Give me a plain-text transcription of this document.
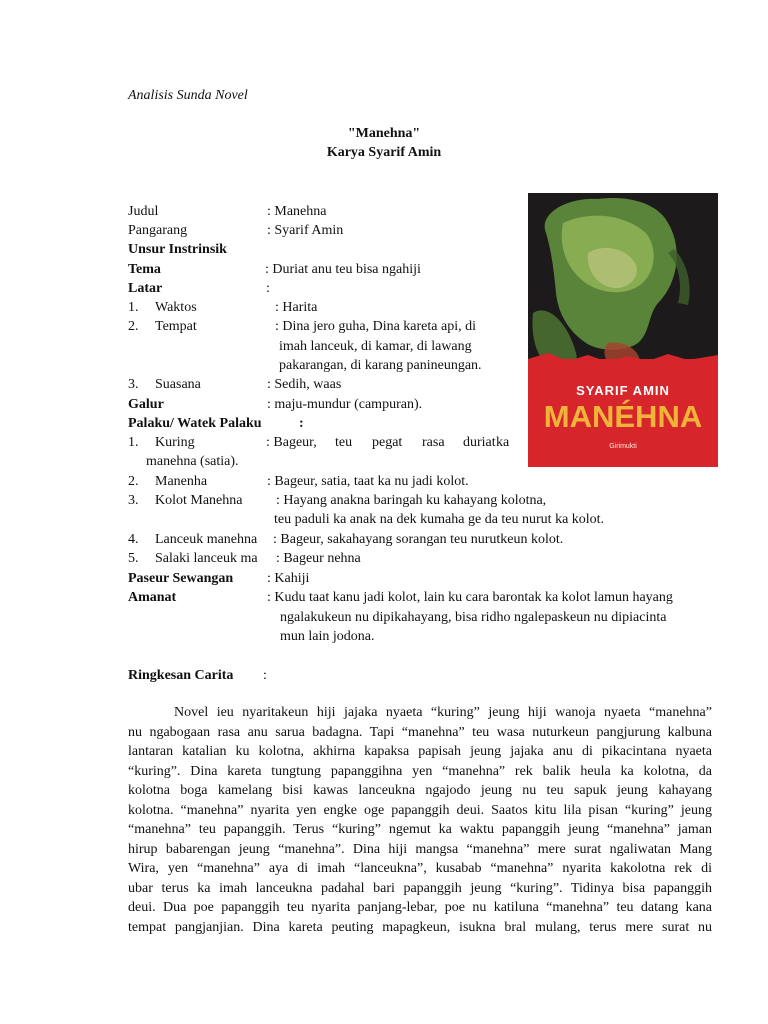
Analisis Sunda Novel
"Manehna"
Karya Syarif Amin
Judul	: Manehna
Pangarang	: Syarif Amin
Unsur Instrinsik
Tema	: Duriat anu teu bisa ngahiji
Latar	:
1. Waktos	: Harita
2. Tempat	: Dina jero guha, Dina kareta api, di
imah lanceuk, di kamar, di lawang
pakarangan, di karang panineungan.
3. Suasana	: Sedih, waas
Galur	: maju-mundur (campuran).
Palaku/ Watek Palaku	:
1. Kuring	: Bageur, teu pegat rasa duriat ka
manehna (satia).
2. Manenha	: Bageur, satia, taat ka nu jadi kolot.
3. Kolot Manehna : Hayang anakna baringah ku kahayang kolotna,
teu paduli ka anak na dek kumaha ge da teu nurut ka kolot.
4. Lanceuk manehna : Bageur, sakahayang sorangan teu nurutkeun kolot.
5. Salaki lanceuk ma : Bageur nehna
Paseur Sewangan : Kahiji
Amanat	: Kudu taat kanu jadi kolot, lain ku cara barontak ka kolot lamun hayang
ngalakukeun nu dipikahayang, bisa ridho ngalepaskeun nu dipiacinta
mun lain jodona.
Ringkesan Carita :
Novel ieu nyaritakeun hiji jajaka nyaeta “kuring” jeung hiji wanoja nyaeta “manehna”
nu ngabogaan rasa anu sarua badagna. Tapi “manehna” teu wasa nuturkeun pangjurung kalbuna
lantaran katalian ku kolotna, akhirna kapaksa papisah jeung jajaka anu di pikacintana nyaeta
“kuring”. Dina kareta tungtung papanggihna yen “manehna” rek balik heula ka kolotna, da
kolotna boga kamelang bisi kawas lanceukna ngajodo jeung nu teu sapuk jeung kahayang
kolotna. “manehna” nyarita yen engke oge papanggih deui. Saatos kitu lila pisan “kuring” jeung
“manehna” teu papanggih. Terus “kuring” ngemut ka waktu papanggih jeung “manehna” jaman
hirup babarengan jeung “manehna”. Dina hiji mangsa “manehna” mere surat ngaliwatan Mang
Wira, yen “manehna” aya di imah “lanceukna”, kusabab “manehna” nyarita kakolotna rek di
ubar terus ka imah lanceukna padahal bari papanggih jeung “kuring”. Tidinya bisa papanggih
deui. Dua poe papanggih teu nyarita panjang-lebar, poe nu katiluna “manehna” teu datang kana
tempat pangjanjian. Dina kareta peuting mapagkeun, isukna bral mulang, terus mere surat nu
SYARIF AMIN
MANÉHNA
Girimukti
